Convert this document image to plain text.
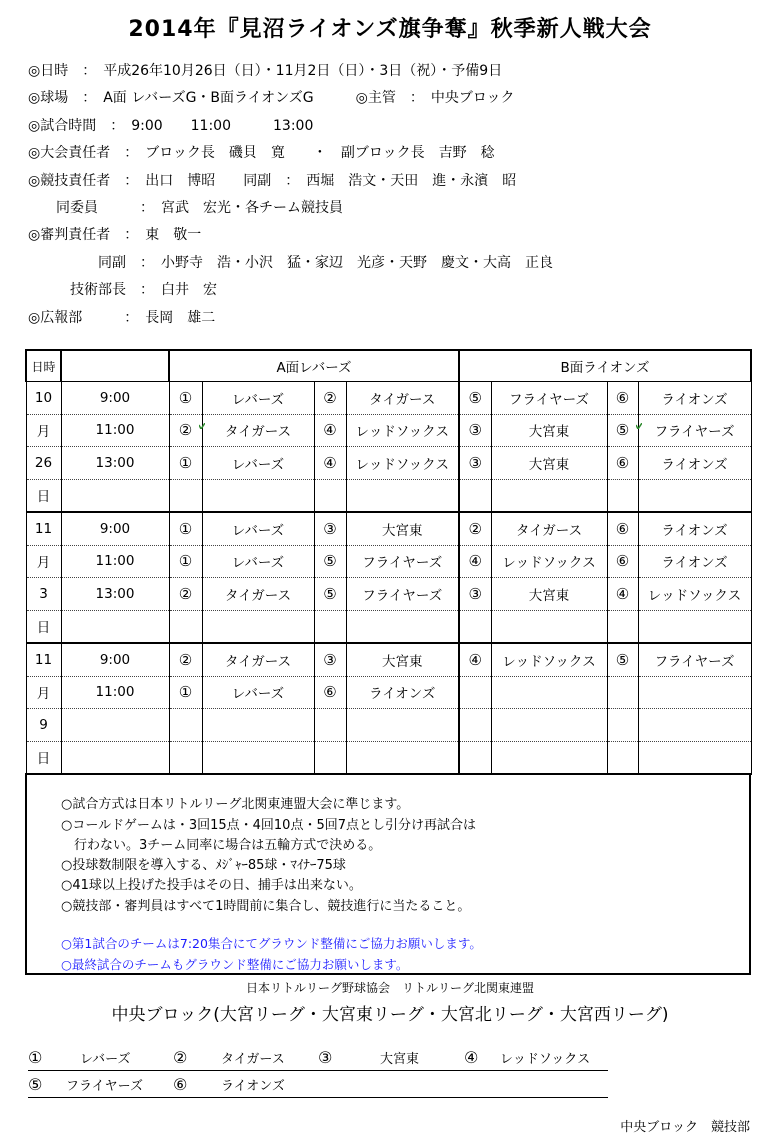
2014年『見沼ライオンズ旗争奪』秋季新人戦大会
◎日時　：　平成26年10月26日（日）・11月2日（日）・3日（祝）・予備9日
◎球場　：　A面 レバーズG・B面ライオンズG　　　◎主管　：　中央ブロック
◎試合時間　：　9:00　　11:00　　　13:00
◎大会責任者　：　ブロック長　磯貝　寛　　・　副ブロック長　吉野　稔
◎競技責任者　：　出口　博昭　　同副　：　西堀　浩文・天田　進・永濱　昭
　　同委員　　　：　宮武　宏光・各チーム競技員
◎審判責任者　：　東　敬一
　　　　　同副　：　小野寺　浩・小沢　猛・家辺　光彦・天野　慶文・大高　正良
　　　技術部長　：　白井　宏
◎広報部　　　：　長岡　雄二
日時		A面レバーズ				B面ライオンズ			
10	9:00	①	レバーズ	②	タイガース	⑤	フライヤーズ	⑥	ライオンズ
月	11:00	②	タイガース	④	レッドソックス	③	大宮東	⑤	フライヤーズ
26	13:00	①	レバーズ	④	レッドソックス	③	大宮東	⑥	ライオンズ
日									
11	9:00	①	レバーズ	③	大宮東	②	タイガース	⑥	ライオンズ
月	11:00	①	レバーズ	⑤	フライヤーズ	④	レッドソックス	⑥	ライオンズ
3	13:00	②	タイガース	⑤	フライヤーズ	③	大宮東	④	レッドソックス
日									
11	9:00	②	タイガース	③	大宮東	④	レッドソックス	⑤	フライヤーズ
月	11:00	①	レバーズ	⑥	ライオンズ				
9									
日									
○試合方式は日本リトルリーグ北関東連盟大会に準じます。
○コールドゲームは・3回15点・4回10点・5回7点とし引分け再試合は
　行わない。3チーム同率に場合は五輪方式で決める。
○投球数制限を導入する、ﾒｼﾞｬｰ85球・ﾏｲﾅｰ75球
○41球以上投げた投手はその日、捕手は出来ない。
○競技部・審判員はすべて1時間前に集合し、競技進行に当たること。
○第1試合のチームは7:20集合にてグラウンド整備にご協力お願いします。
○最終試合のチームもグラウンド整備にご協力お願いします。
日本リトルリーグ野球協会　リトルリーグ北関東連盟
中央ブロック(大宮リーグ・大宮東リーグ・大宮北リーグ・大宮西リーグ)
①	レバーズ	②	タイガース ③	大宮東	④ レッドソックス
⑤ フライヤーズ ⑥	ライオンズ
中央ブロック　競技部
